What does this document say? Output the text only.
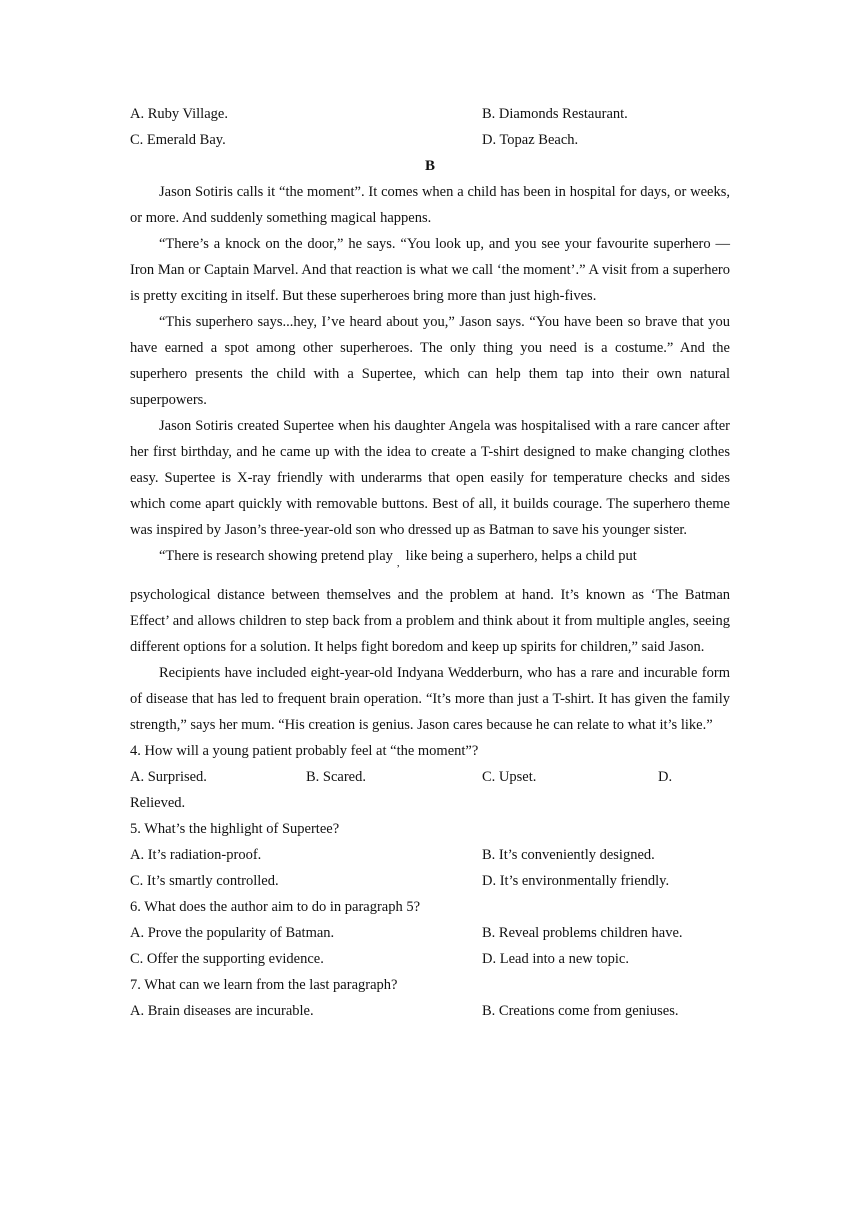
A. Ruby Village.	B. Diamonds Restaurant.
C. Emerald Bay.	D. Topaz Beach.
B

Jason Sotiris calls it “the moment”. It comes when a child has been in hospital for days, or weeks, or more. And suddenly something magical happens.

“There’s a knock on the door,” he says. “You look up, and you see your favourite superhero — Iron Man or Captain Marvel. And that reaction is what we call ‘the moment’.” A visit from a superhero is pretty exciting in itself. But these superheroes bring more than just high-fives.

“This superhero says...hey, I’ve heard about you,” Jason says. “You have been so brave that you have earned a spot among other superheroes. The only thing you need is a costume.” And the superhero presents the child with a Supertee, which can help them tap into their own natural superpowers.

Jason Sotiris created Supertee when his daughter Angela was hospitalised with a rare cancer after her first birthday, and he came up with the idea to create a T-shirt designed to make changing clothes easy. Supertee is X-ray friendly with underarms that open easily for temperature checks and sides which come apart quickly with removable buttons. Best of all, it builds courage. The superhero theme was inspired by Jason’s three-year-old son who dressed up as Batman to save his younger sister.

“There is research showing pretend play $_,$ like being a superhero, helps a child put

psychological distance between themselves and the problem at hand. It’s known as ‘The Batman Effect’ and allows children to step back from a problem and think about it from multiple angles, seeing different options for a solution. It helps fight boredom and keep up spirits for children,” said Jason.

Recipients have included eight-year-old Indyana Wedderburn, who has a rare and incurable form of disease that has led to frequent brain operation. “It’s more than just a T-shirt. It has given the family strength,” says her mum. “His creation is genius. Jason cares because he can relate to what it’s like.”

4. How will a young patient probably feel at “the moment”?
A. Surprised.	B. Scared.	C. Upset.	D.
Relieved.
5. What’s the highlight of Supertee?
A. It’s radiation-proof.	B. It’s conveniently designed.
C. It’s smartly controlled.	D. It’s environmentally friendly.
6. What does the author aim to do in paragraph 5?
A. Prove the popularity of Batman.	B. Reveal problems children have.
C. Offer the supporting evidence.	D. Lead into a new topic.
7. What can we learn from the last paragraph?
A. Brain diseases are incurable.	B. Creations come from geniuses.
